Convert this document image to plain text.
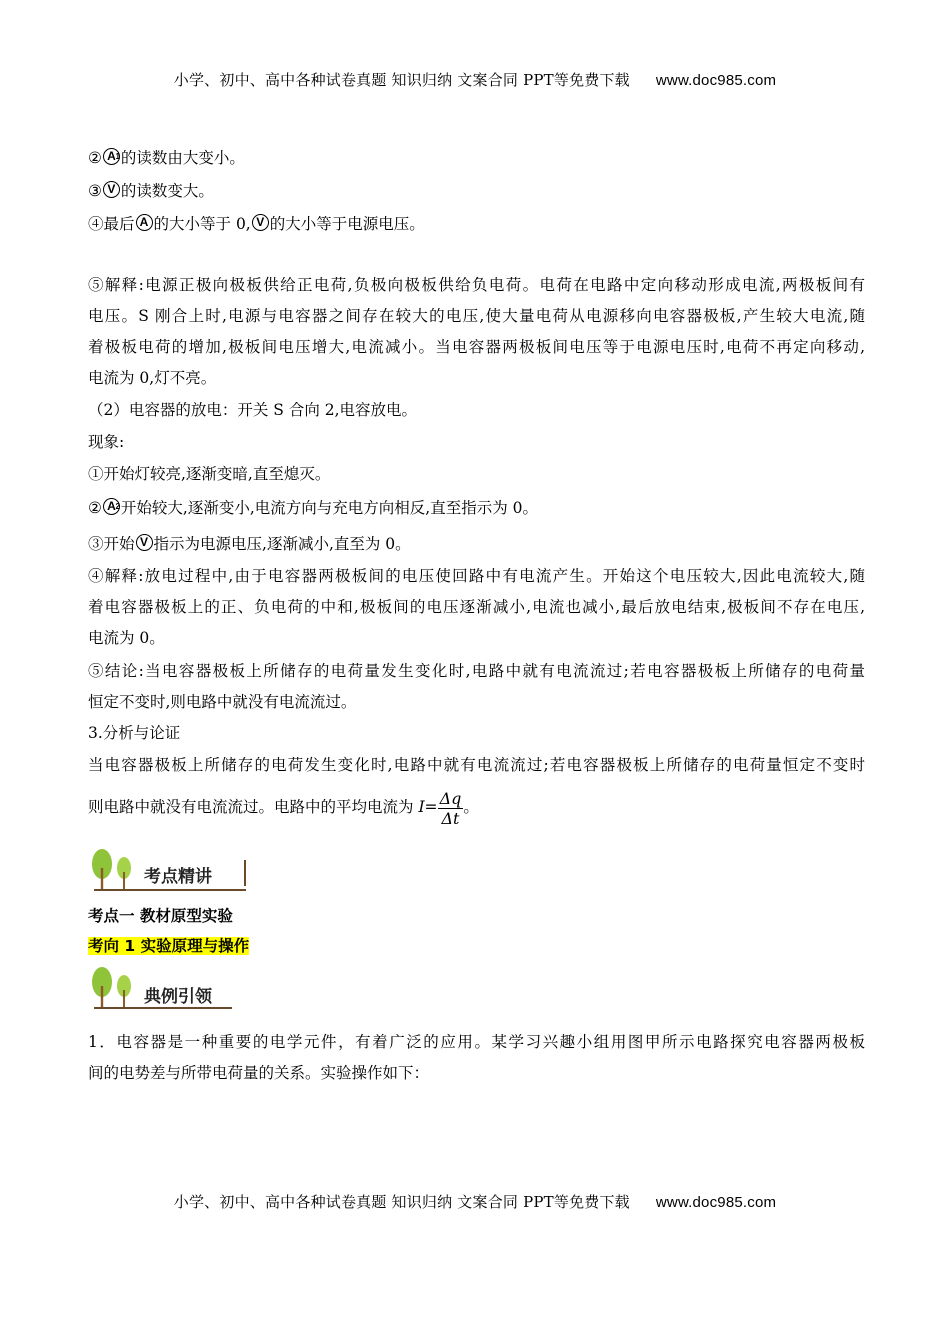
小学、初中、高中各种试卷真题 知识归纳 文案合同 PPT等免费下载 www.doc985.com
② A 1 的读数由大变小。
③ V 的读数变大。
④最后 A 的大小等于 0, V 的大小等于电源电压。
⑤解释:电源正极向极板供给正电荷,负极向极板供给负电荷。电荷在电路中定向移动形成电流,两极板间有
电压。S 刚合上时,电源与电容器之间存在较大的电压,使大量电荷从电源移向电容器极板,产生较大电流,随
着极板电荷的增加,极板间电压增大,电流减小。当电容器两极板间电压等于电源电压时,电荷不再定向移动,
电流为 0,灯不亮。
（2）电容器的放电：开关 S 合向 2,电容放电。
现象:
①开始灯较亮,逐渐变暗,直至熄灭。
② A 2 开始较大,逐渐变小,电流方向与充电方向相反,直至指示为 0。
③开始 V 指示为电源电压,逐渐减小,直至为 0。
④解释:放电过程中,由于电容器两极板间的电压使回路中有电流产生。开始这个电压较大,因此电流较大,随
着电容器极板上的正、负电荷的中和,极板间的电压逐渐减小,电流也减小,最后放电结束,极板间不存在电压,
电流为 0。
⑤结论:当电容器极板上所储存的电荷量发生变化时,电路中就有电流流过;若电容器极板上所储存的电荷量
恒定不变时,则电路中就没有电流流过。
3.分析与论证
当电容器极板上所储存的电荷发生变化时,电路中就有电流流过;若电容器极板上所储存的电荷量恒定不变时
则电路中就没有电流流过。电路中的平均电流为 $I= \frac{\Delta q}{\Delta t}$ 。
考点一 教材原型实验
考向 1 实验原理与操作
1．电容器是一种重要的电学元件，有着广泛的应用。某学习兴趣小组用图甲所示电路探究电容器两极板
间的电势差与所带电荷量的关系。实验操作如下：
考点精讲
典例引领
小学、初中、高中各种试卷真题 知识归纳 文案合同 PPT等免费下载 www.doc985.com
